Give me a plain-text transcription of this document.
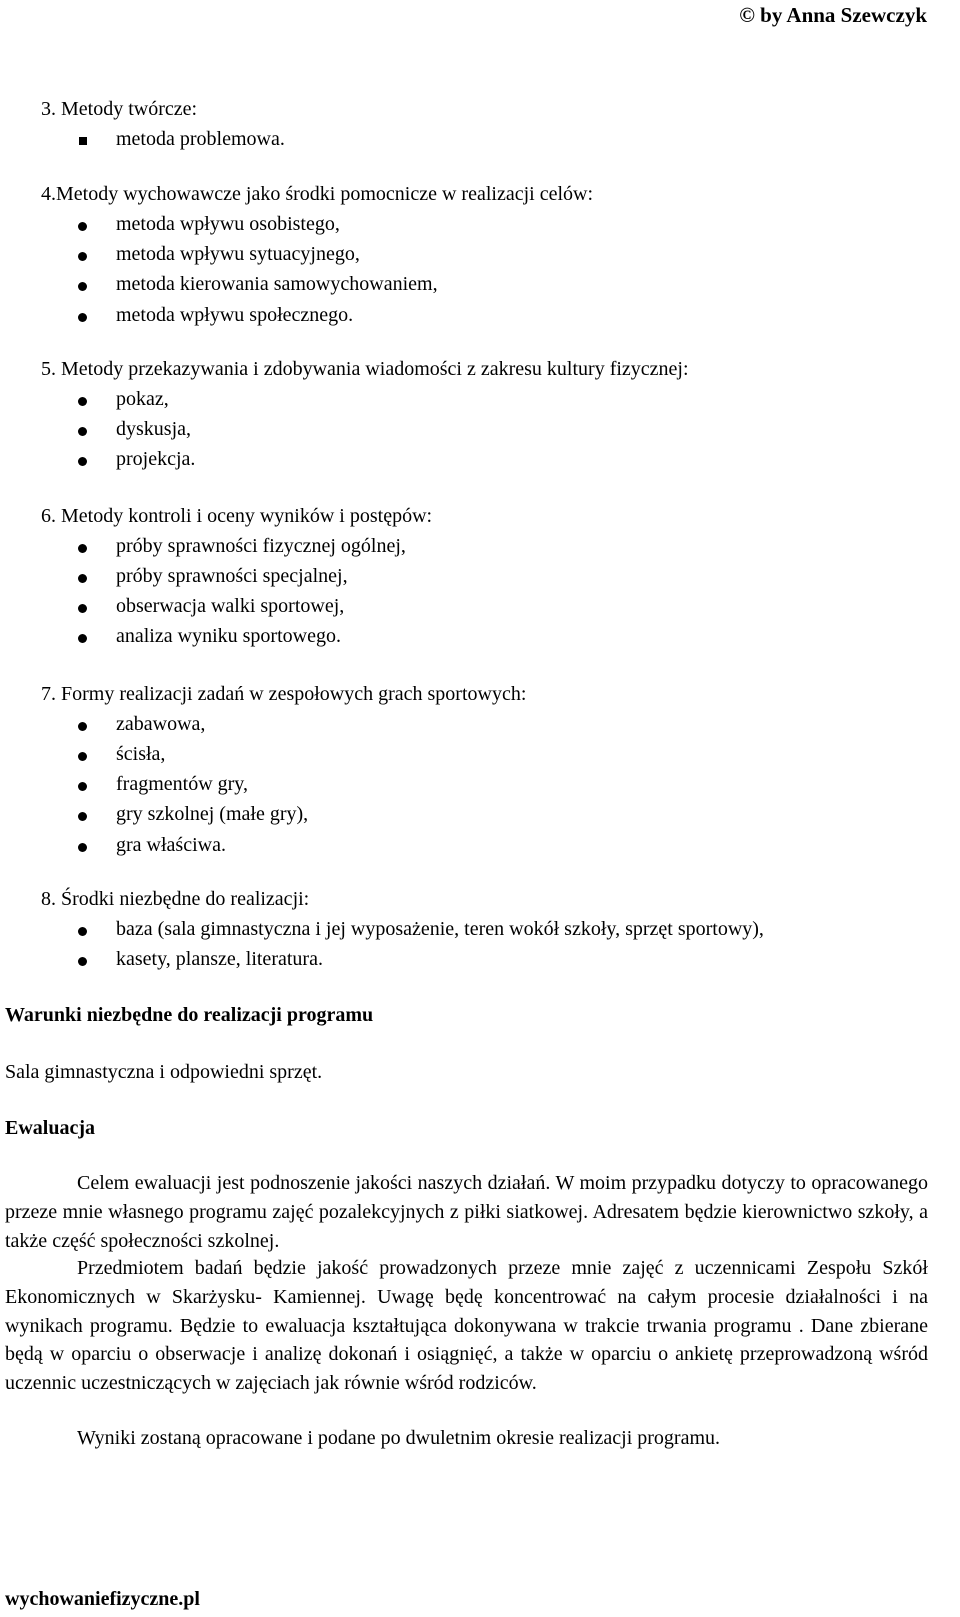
© by Anna Szewczyk
3. Metody twórcze:
metoda problemowa.
4.Metody wychowawcze jako środki pomocnicze w realizacji celów:
metoda wpływu osobistego,
metoda wpływu sytuacyjnego,
metoda kierowania samowychowaniem,
metoda wpływu społecznego.
5. Metody przekazywania i zdobywania wiadomości z zakresu kultury fizycznej:
pokaz,
dyskusja,
projekcja.
6. Metody kontroli i oceny wyników i postępów:
próby sprawności fizycznej ogólnej,
próby sprawności specjalnej,
obserwacja walki sportowej,
analiza wyniku sportowego.
7. Formy realizacji zadań w zespołowych grach sportowych:
zabawowa,
ścisła,
fragmentów gry,
gry szkolnej (małe gry),
gra właściwa.
8. Środki niezbędne do realizacji:
baza (sala gimnastyczna i jej wyposażenie, teren wokół szkoły, sprzęt sportowy),
kasety, plansze, literatura.
Warunki niezbędne do realizacji programu
Sala gimnastyczna i odpowiedni sprzęt.
Ewaluacja

Celem ewaluacji jest podnoszenie jakości naszych działań. W moim przypadku dotyczy to opracowanego przeze mnie własnego programu zajęć pozalekcyjnych z piłki siatkowej. Adresatem będzie kierownictwo szkoły, a także część społeczności szkolnej.

Przedmiotem badań będzie jakość prowadzonych przeze mnie zajęć z uczennicami Zespołu Szkół Ekonomicznych w Skarżysku- Kamiennej. Uwagę będę koncentrować na całym procesie działalności i na wynikach programu. Będzie to ewaluacja kształtująca dokonywana w trakcie trwania programu . Dane zbierane będą w oparciu o obserwacje i analizę dokonań i osiągnięć, a także w oparciu o ankietę przeprowadzoną wśród uczennic uczestniczących w zajęciach jak równie wśród rodziców.

Wyniki zostaną opracowane i podane po dwuletnim okresie realizacji programu.

wychowaniefizyczne.pl
